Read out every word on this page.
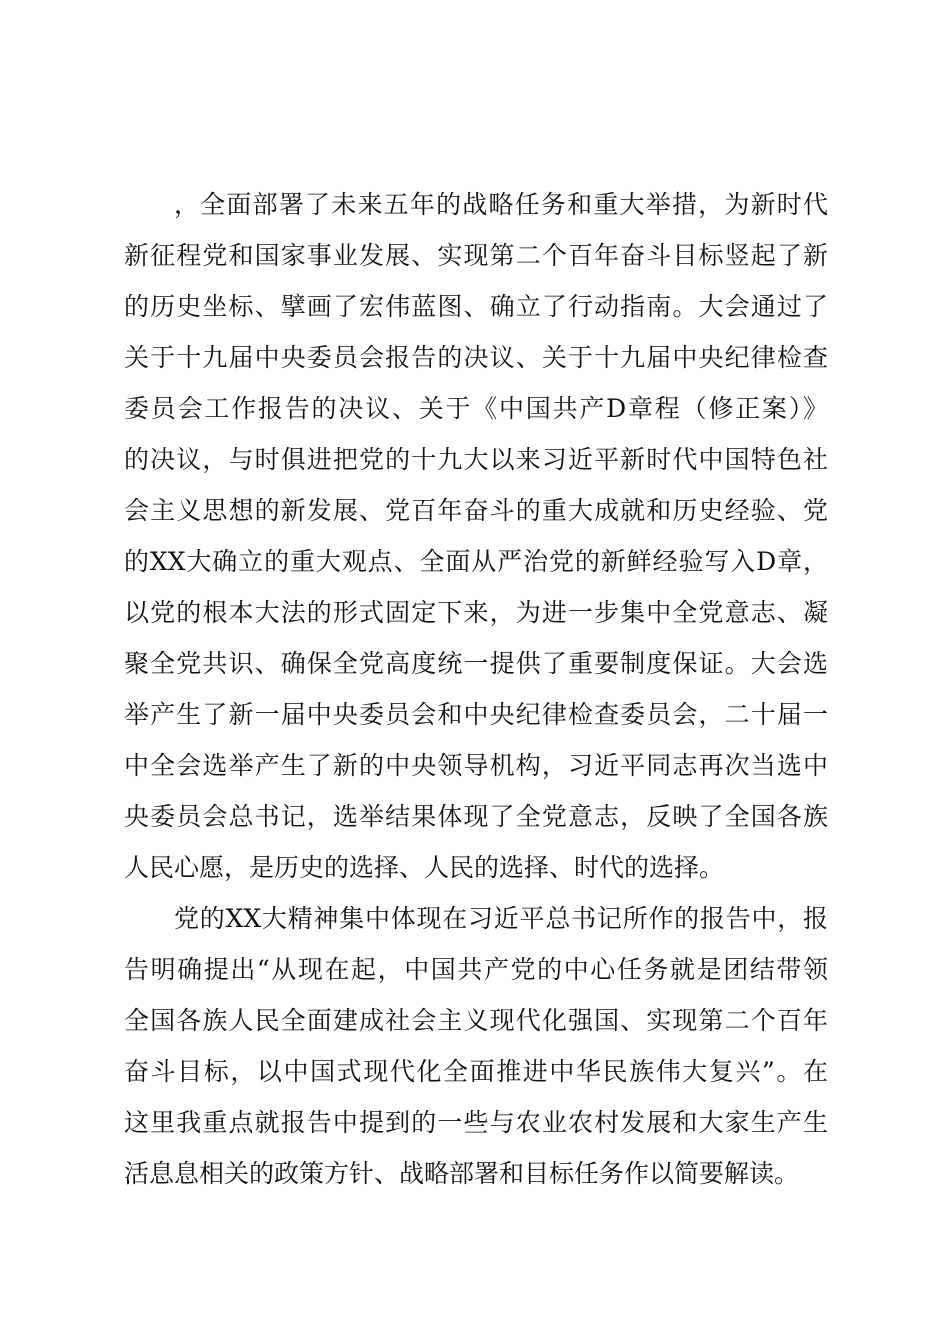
，全面部署了未来五年的战略任务和重大举措，为新时代
新征程党和国家事业发展、实现第二个百年奋斗目标竖起了新
的历史坐标、擘画了宏伟蓝图、确立了行动指南。大会通过了
关于十九届中央委员会报告的决议、关于十九届中央纪律检查
委员会工作报告的决议、关于《中国共产D章程（修正案）》
的决议，与时俱进把党的十九大以来习近平新时代中国特色社
会主义思想的新发展、党百年奋斗的重大成就和历史经验、党
的XX大确立的重大观点、全面从严治党的新鲜经验写入D章，
以党的根本大法的形式固定下来，为进一步集中全党意志、凝
聚全党共识、确保全党高度统一提供了重要制度保证。大会选
举产生了新一届中央委员会和中央纪律检查委员会，二十届一
中全会选举产生了新的中央领导机构，习近平同志再次当选中
央委员会总书记，选举结果体现了全党意志，反映了全国各族
人民心愿，是历史的选择、人民的选择、时代的选择。
党的XX大精神集中体现在习近平总书记所作的报告中，报
告明确提出“从现在起，中国共产党的中心任务就是团结带领
全国各族人民全面建成社会主义现代化强国、实现第二个百年
奋斗目标，以中国式现代化全面推进中华民族伟大复兴”。在
这里我重点就报告中提到的一些与农业农村发展和大家生产生
活息息相关的政策方针、战略部署和目标任务作以简要解读。
